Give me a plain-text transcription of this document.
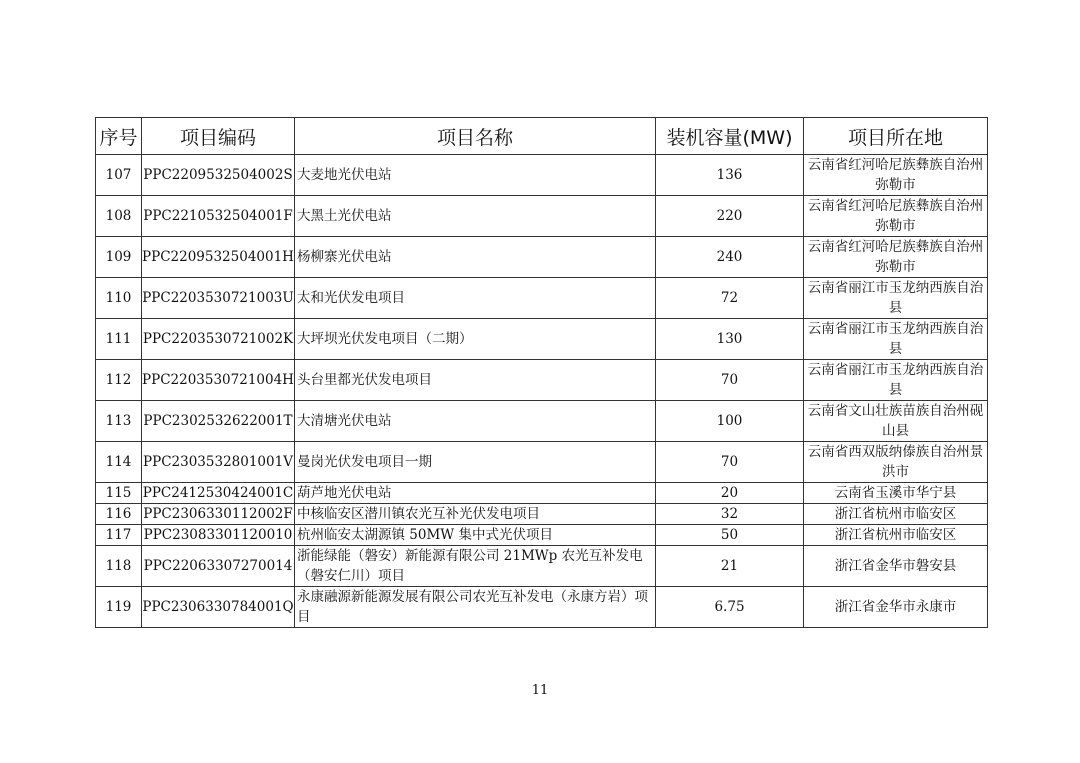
序号	项目编码	项目名称	装机容量(MW)	项目所在地
107	PPC2209532504002S	大麦地光伏电站	136	云南省红河哈尼族彝族自治州弥勒市
108	PPC2210532504001F	大黑土光伏电站	220	云南省红河哈尼族彝族自治州弥勒市
109	PPC2209532504001H	杨柳寨光伏电站	240	云南省红河哈尼族彝族自治州弥勒市
110	PPC2203530721003U	太和光伏发电项目	72	云南省丽江市玉龙纳西族自治县
111	PPC2203530721002K	大坪坝光伏发电项目（二期）	130	云南省丽江市玉龙纳西族自治县
112	PPC2203530721004H	头台里都光伏发电项目	70	云南省丽江市玉龙纳西族自治县
113	PPC2302532622001T	大清塘光伏电站	100	云南省文山壮族苗族自治州砚山县
114	PPC2303532801001V	曼岗光伏发电项目一期	70	云南省西双版纳傣族自治州景洪市
115	PPC2412530424001C	葫芦地光伏电站	20	云南省玉溪市华宁县
116	PPC2306330112002F	中核临安区潜川镇农光互补光伏发电项目	32	浙江省杭州市临安区
117	PPC23083301120010	杭州临安太湖源镇 50MW 集中式光伏项目	50	浙江省杭州市临安区
118	PPC22063307270014	浙能绿能（磐安）新能源有限公司 21MWp 农光互补发电（磐安仁川）项目	21	浙江省金华市磐安县
119	PPC2306330784001Q	永康融源新能源发展有限公司农光互补发电（永康方岩）项目	6.75	浙江省金华市永康市
11
